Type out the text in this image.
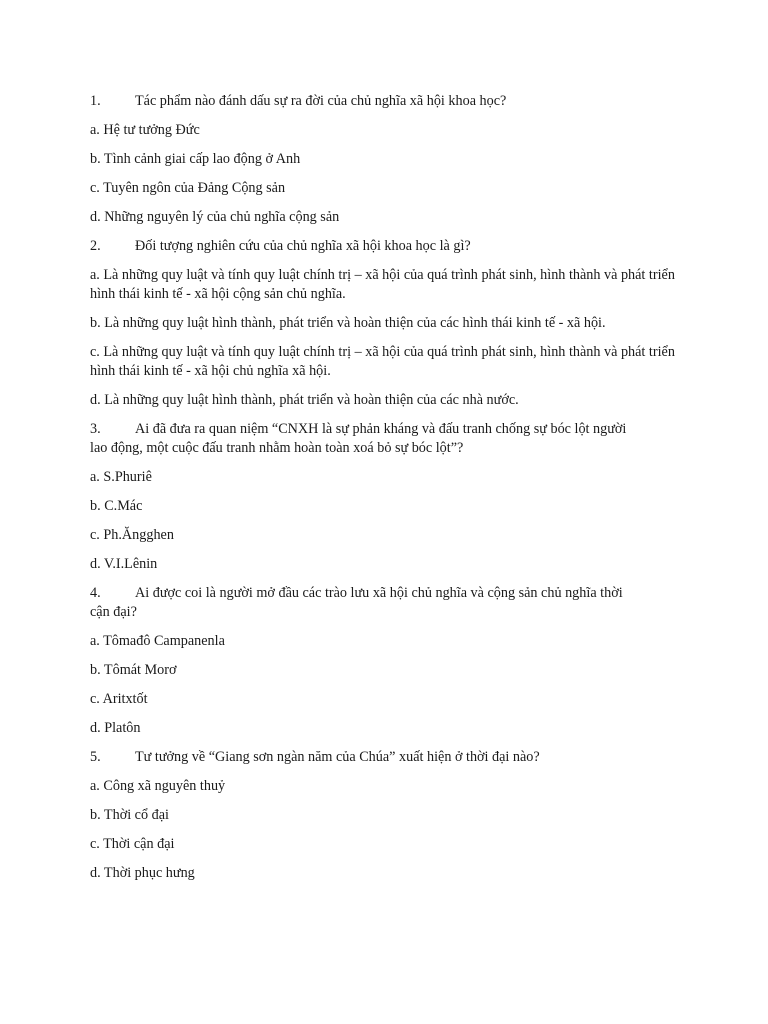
1.	Tác phẩm nào đánh dấu sự ra đời của chủ nghĩa xã hội khoa học?
a. Hệ tư tưởng Đức
b. Tình cảnh giai cấp lao động ở Anh
c. Tuyên ngôn của Đảng Cộng sản
d. Những nguyên lý của chủ nghĩa cộng sản
2.	Đối tượng nghiên cứu của chủ nghĩa xã hội khoa học là gì?
a. Là những quy luật và tính quy luật chính trị – xã hội của quá trình phát sinh, hình thành và phát triển hình thái kinh tế - xã hội cộng sản chủ nghĩa.
b. Là những quy luật hình thành, phát triển và hoàn thiện của các hình thái kinh tế - xã hội.
c. Là những quy luật và tính quy luật chính trị – xã hội của quá trình phát sinh, hình thành và phát triển hình thái kinh tế - xã hội chủ nghĩa xã hội.
d. Là những quy luật hình thành, phát triển và hoàn thiện của các nhà nước.
3.	Ai đã đưa ra quan niệm “CNXH là sự phản kháng và đấu tranh chống sự bóc lột người
lao động, một cuộc đấu tranh nhằm hoàn toàn xoá bỏ sự bóc lột”?
a. S.Phuriê
b. C.Mác
c. Ph.Ăngghen
d. V.I.Lênin
4.	Ai được coi là người mở đầu các trào lưu xã hội chủ nghĩa và cộng sản chủ nghĩa thời
cận đại?
a. Tômađô Campanenla
b. Tômát Morơ
c. Aritxtốt
d. Platôn
5.	Tư tưởng về “Giang sơn ngàn năm của Chúa” xuất hiện ở thời đại nào?
a. Công xã nguyên thuỷ
b. Thời cổ đại
c. Thời cận đại
d. Thời phục hưng
